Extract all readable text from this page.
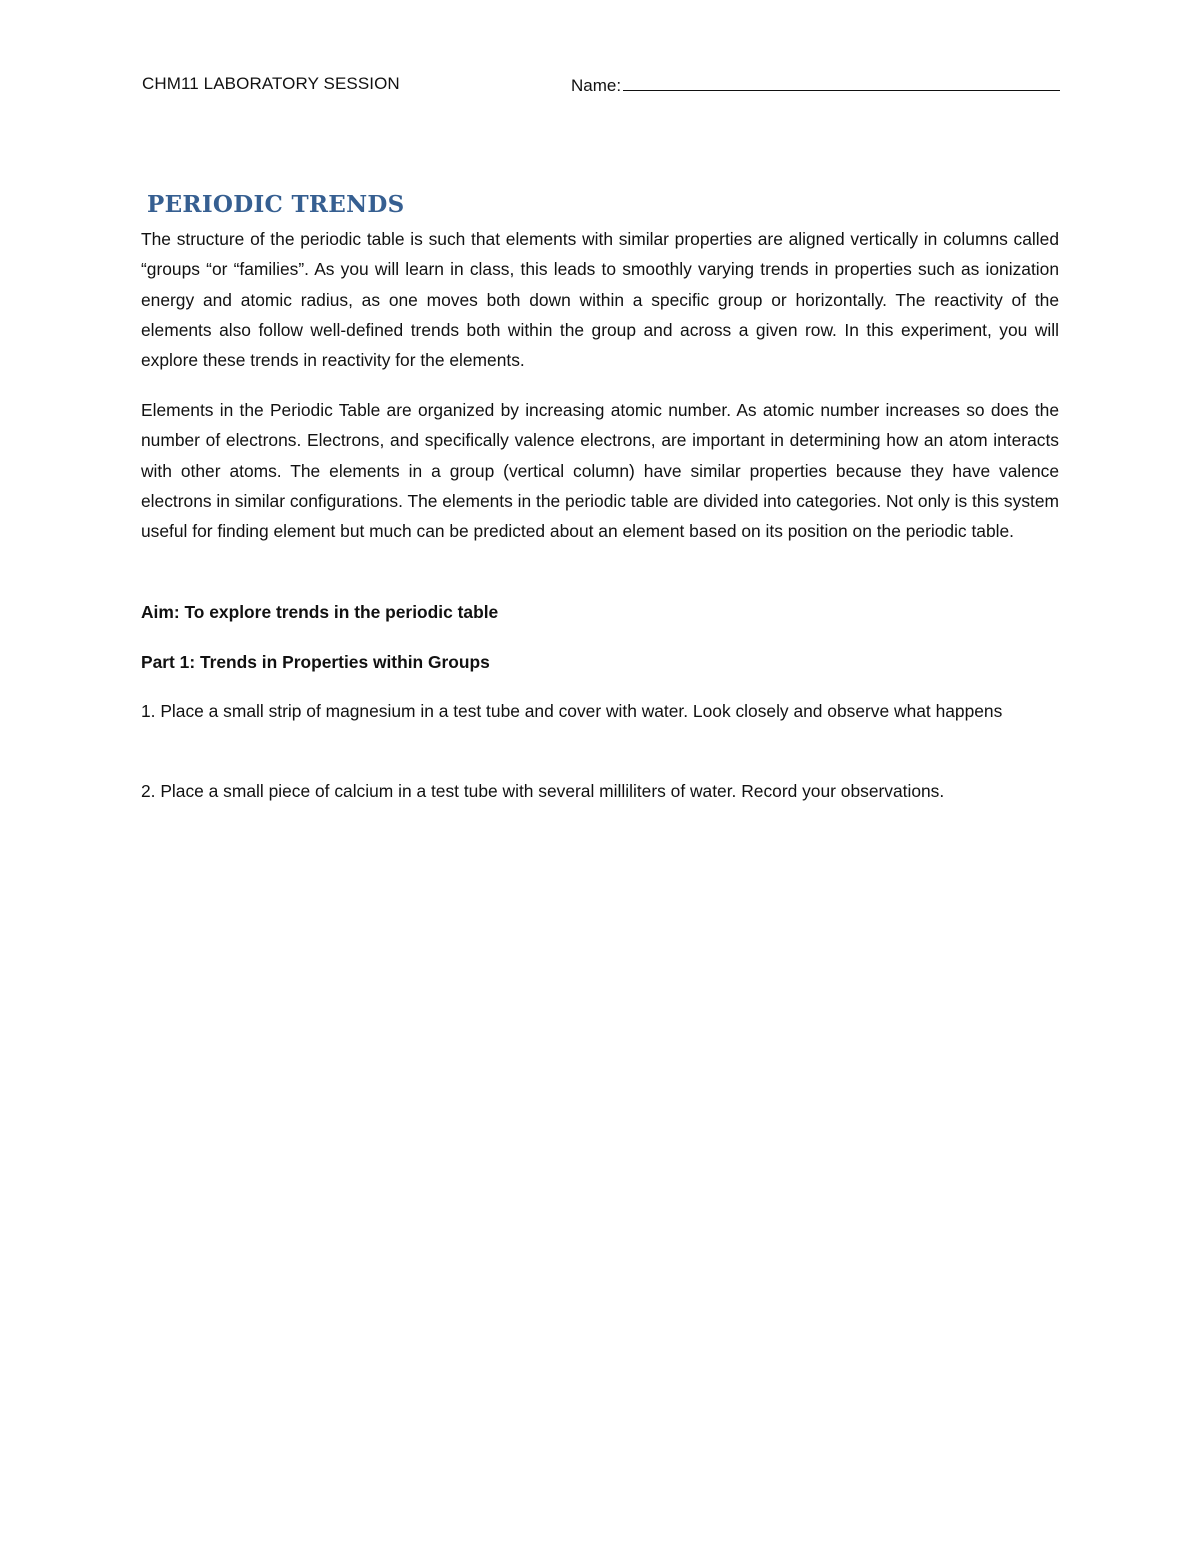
CHM11 LABORATORY SESSION	Name:
PERIODIC TRENDS

The structure of the periodic table is such that elements with similar properties are aligned vertically in columns called “groups “or “families”. As you will learn in class, this leads to smoothly varying trends in properties such as ionization energy and atomic radius, as one moves both down within a specific group or horizontally. The reactivity of the elements also follow well-defined trends both within the group and across a given row. In this experiment, you will explore these trends in reactivity for the elements.

Elements in the Periodic Table are organized by increasing atomic number. As atomic number increases so does the number of electrons. Electrons, and specifically valence electrons, are important in determining how an atom interacts with other atoms. The elements in a group (vertical column) have similar properties because they have valence electrons in similar configurations. The elements in the periodic table are divided into categories. Not only is this system useful for finding element but much can be predicted about an element based on its position on the periodic table.

Aim: To explore trends in the periodic table

Part 1: Trends in Properties within Groups

1. Place a small strip of magnesium in a test tube and cover with water. Look closely and observe what happens

2. Place a small piece of calcium in a test tube with several milliliters of water. Record your observations.
